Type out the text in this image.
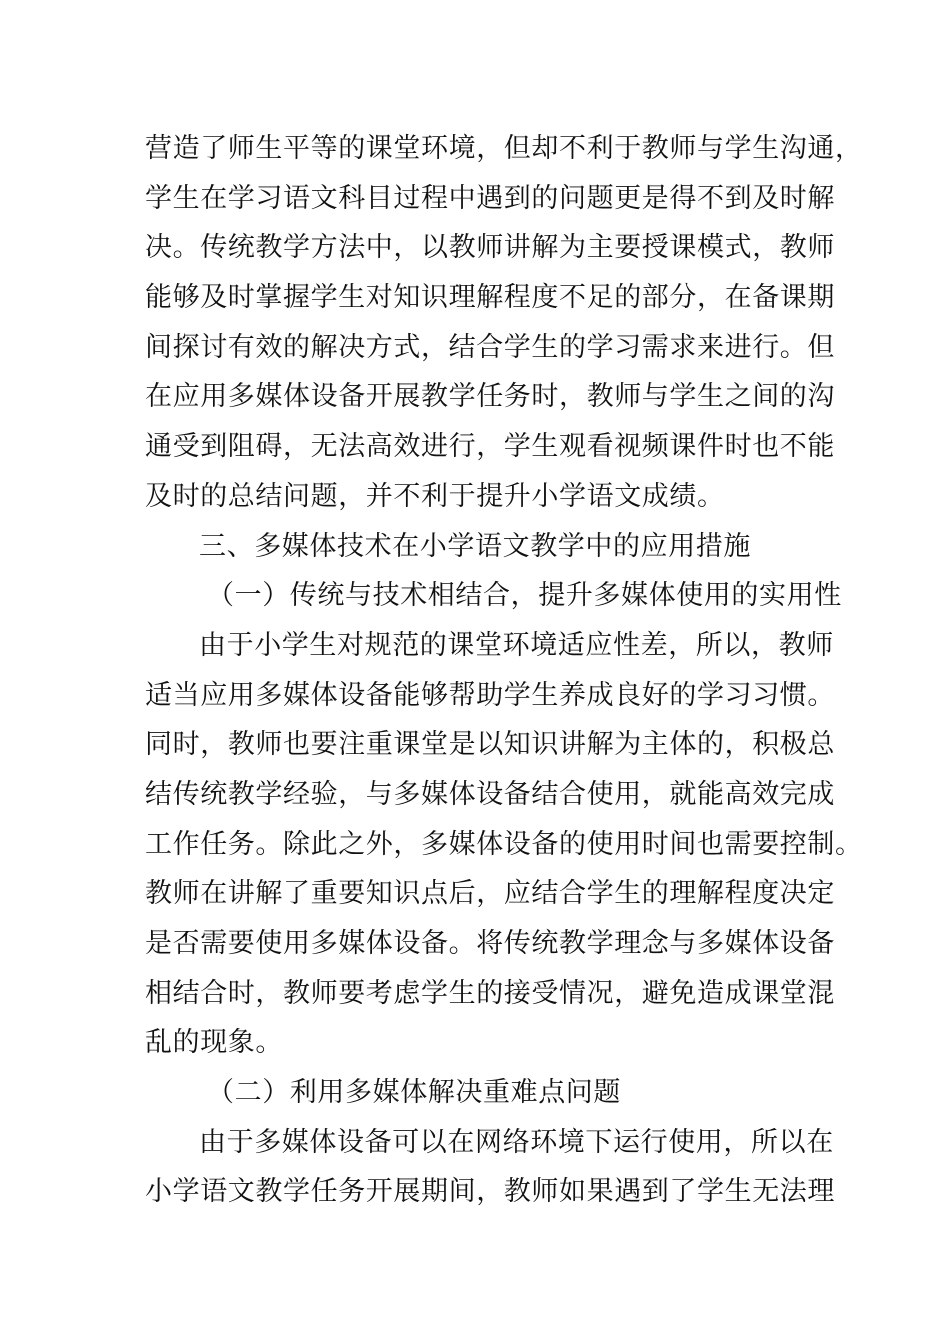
营造了师生平等的课堂环境，但却不利于教师与学生沟通，
学生在学习语文科目过程中遇到的问题更是得不到及时解
决。传统教学方法中，以教师讲解为主要授课模式，教师
能够及时掌握学生对知识理解程度不足的部分，在备课期
间探讨有效的解决方式，结合学生的学习需求来进行。但
在应用多媒体设备开展教学任务时，教师与学生之间的沟
通受到阻碍，无法高效进行，学生观看视频课件时也不能
及时的总结问题，并不利于提升小学语文成绩。
三、多媒体技术在小学语文教学中的应用措施
（一）传统与技术相结合，提升多媒体使用的实用性
由于小学生对规范的课堂环境适应性差，所以，教师
适当应用多媒体设备能够帮助学生养成良好的学习习惯。
同时，教师也要注重课堂是以知识讲解为主体的，积极总
结传统教学经验，与多媒体设备结合使用，就能高效完成
工作任务。除此之外，多媒体设备的使用时间也需要控制。
教师在讲解了重要知识点后，应结合学生的理解程度决定
是否需要使用多媒体设备。将传统教学理念与多媒体设备
相结合时，教师要考虑学生的接受情况，避免造成课堂混
乱的现象。
（二）利用多媒体解决重难点问题
由于多媒体设备可以在网络环境下运行使用，所以在
小学语文教学任务开展期间，教师如果遇到了学生无法理
